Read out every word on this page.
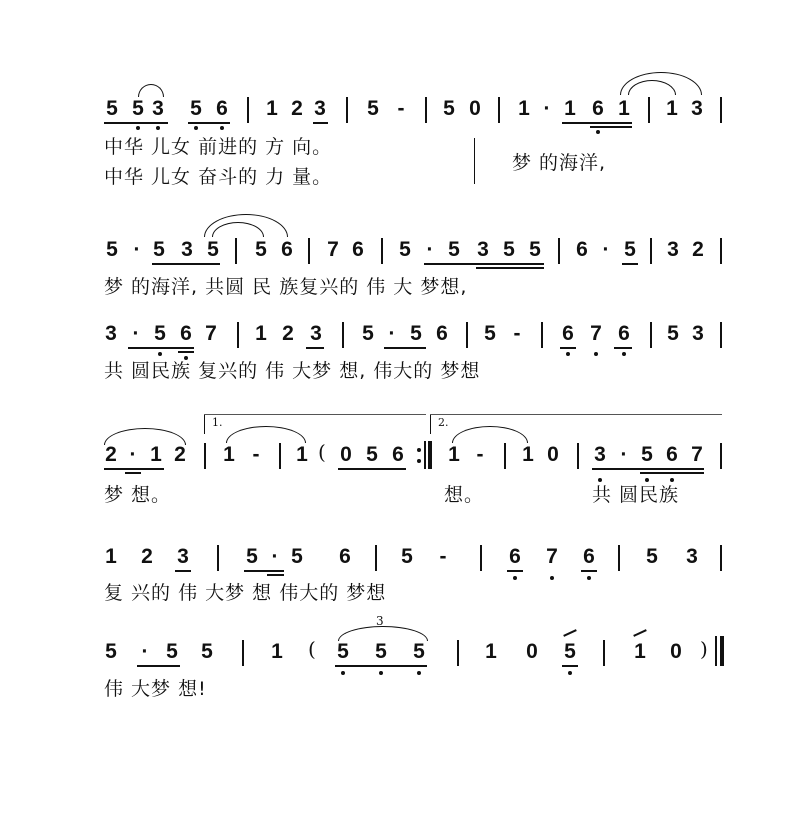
5 5 3 5 6 1 2 3 5 - 5 0 1 · 1 6 1 1 3
中华 儿女 前进的 方 向。
中华 儿女 奋斗的 力 量。
梦 的海洋,
5 · 5 3 5 5 6 7 6 5 · 5 3 5 5 6 · 5 3 2
梦 的海洋, 共圆 民 族复兴的 伟 大 梦想,
3 · 5 6 7 1 2 3 5 · 5 6 5 - 6 7 6 5 3
共 圆民族 复兴的 伟 大梦 想, 伟大的 梦想
1.	2.
2 · 1 2 1 - 1 ( 0 5 6 1 - 1 0 3 · 5 6 7
梦 想。	想。	共 圆民族
1 2 3	5 · 5 6 5 -	6 7 6 5 3
复 兴的 伟 大梦 想 伟大的 梦想
5 · 5 5	1 ( 5 5 5	1 0 5	1 0 )
3
伟 大梦 想!
